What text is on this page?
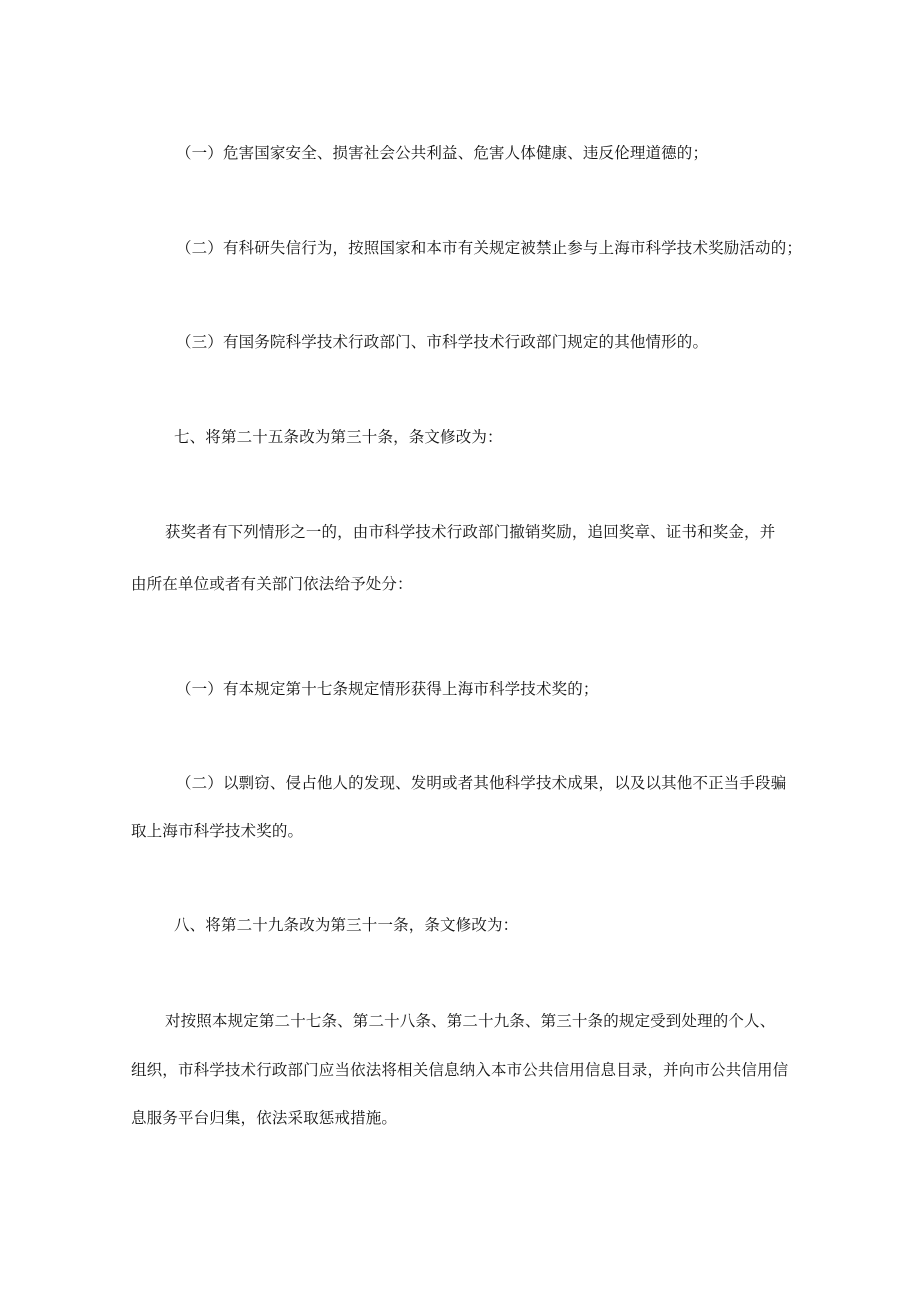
（一）危害国家安全、损害社会公共利益、危害人体健康、违反伦理道德的；
（二）有科研失信行为，按照国家和本市有关规定被禁止参与上海市科学技术奖励活动的；
（三）有国务院科学技术行政部门、市科学技术行政部门规定的其他情形的。
七、将第二十五条改为第三十条，条文修改为：
获奖者有下列情形之一的，由市科学技术行政部门撤销奖励，追回奖章、证书和奖金，并
由所在单位或者有关部门依法给予处分：
（一）有本规定第十七条规定情形获得上海市科学技术奖的；
（二）以剽窃、侵占他人的发现、发明或者其他科学技术成果，以及以其他不正当手段骗
取上海市科学技术奖的。
八、将第二十九条改为第三十一条，条文修改为：
对按照本规定第二十七条、第二十八条、第二十九条、第三十条的规定受到处理的个人、
组织，市科学技术行政部门应当依法将相关信息纳入本市公共信用信息目录，并向市公共信用信
息服务平台归集，依法采取惩戒措施。
